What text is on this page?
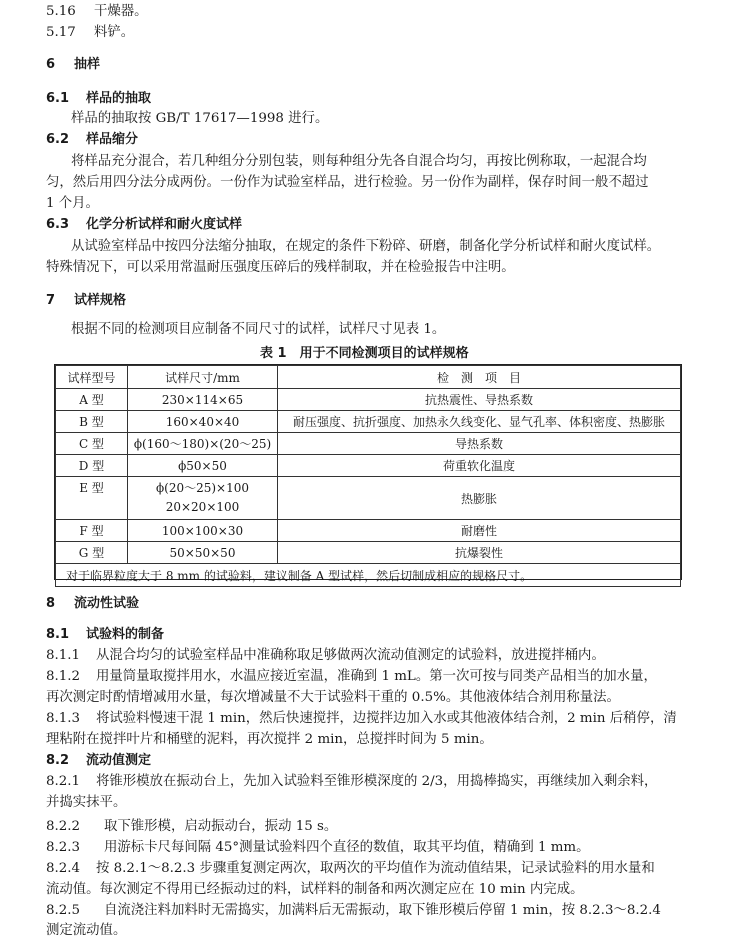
5.16 干燥器。
5.17 料铲。
6 抽样
6.1 样品的抽取
样品的抽取按 GB/T 17617—1998 进行。
6.2 样品缩分
将样品充分混合，若几种组分分别包装，则每种组分先各自混合均匀，再按比例称取，一起混合均
匀，然后用四分法分成两份。一份作为试验室样品，进行检验。另一份作为副样，保存时间一般不超过
1 个月。
6.3 化学分析试样和耐火度试样
从试验室样品中按四分法缩分抽取，在规定的条件下粉碎、研磨，制备化学分析试样和耐火度试样。
特殊情况下，可以采用常温耐压强度压碎后的残样制取，并在检验报告中注明。
7 试样规格
根据不同的检测项目应制备不同尺寸的试样，试样尺寸见表 1。
表 1　用于不同检测项目的试样规格
试样型号	试样尺寸/mm	检　测　项　目
A 型	230×114×65	抗热震性、导热系数
B 型	160×40×40	耐压强度、抗折强度、加热永久线变化、显气孔率、体积密度、热膨胀
C 型	ϕ(160～180)×(20～25)	导热系数
D 型	ϕ50×50	荷重软化温度
E 型	ϕ(20～25)×100
20×20×100	热膨胀
F 型	100×100×30	耐磨性
G 型	50×50×50	抗爆裂性
对于临界粒度大于 8 mm 的试验料，建议制备 A 型试样，然后切制成相应的规格尺寸。		
8 流动性试验
8.1 试验料的制备
8.1.1 从混合均匀的试验室样品中准确称取足够做两次流动值测定的试验料，放进搅拌桶内。
8.1.2 用量筒量取搅拌用水，水温应接近室温，准确到 1 mL。第一次可按与同类产品相当的加水量，
再次测定时酌情增减用水量，每次增减量不大于试验料干重的 0.5%。其他液体结合剂用称量法。
8.1.3 将试验料慢速干混 1 min，然后快速搅拌，边搅拌边加入水或其他液体结合剂，2 min 后稍停，清
理粘附在搅拌叶片和桶壁的泥料，再次搅拌 2 min，总搅拌时间为 5 min。
8.2 流动值测定
8.2.1 将锥形模放在振动台上，先加入试验料至锥形模深度的 2/3，用捣棒捣实，再继续加入剩余料，
并捣实抹平。
8.2.2 取下锥形模，启动振动台，振动 15 s。
8.2.3 用游标卡尺每间隔 45°测量试验料四个直径的数值，取其平均值，精确到 1 mm。
8.2.4 按 8.2.1～8.2.3 步骤重复测定两次，取两次的平均值作为流动值结果，记录试验料的用水量和
流动值。每次测定不得用已经振动过的料，试样料的制备和两次测定应在 10 min 内完成。
8.2.5 自流浇注料加料时无需捣实，加满料后无需振动，取下锥形模后停留 1 min，按 8.2.3～8.2.4
测定流动值。
